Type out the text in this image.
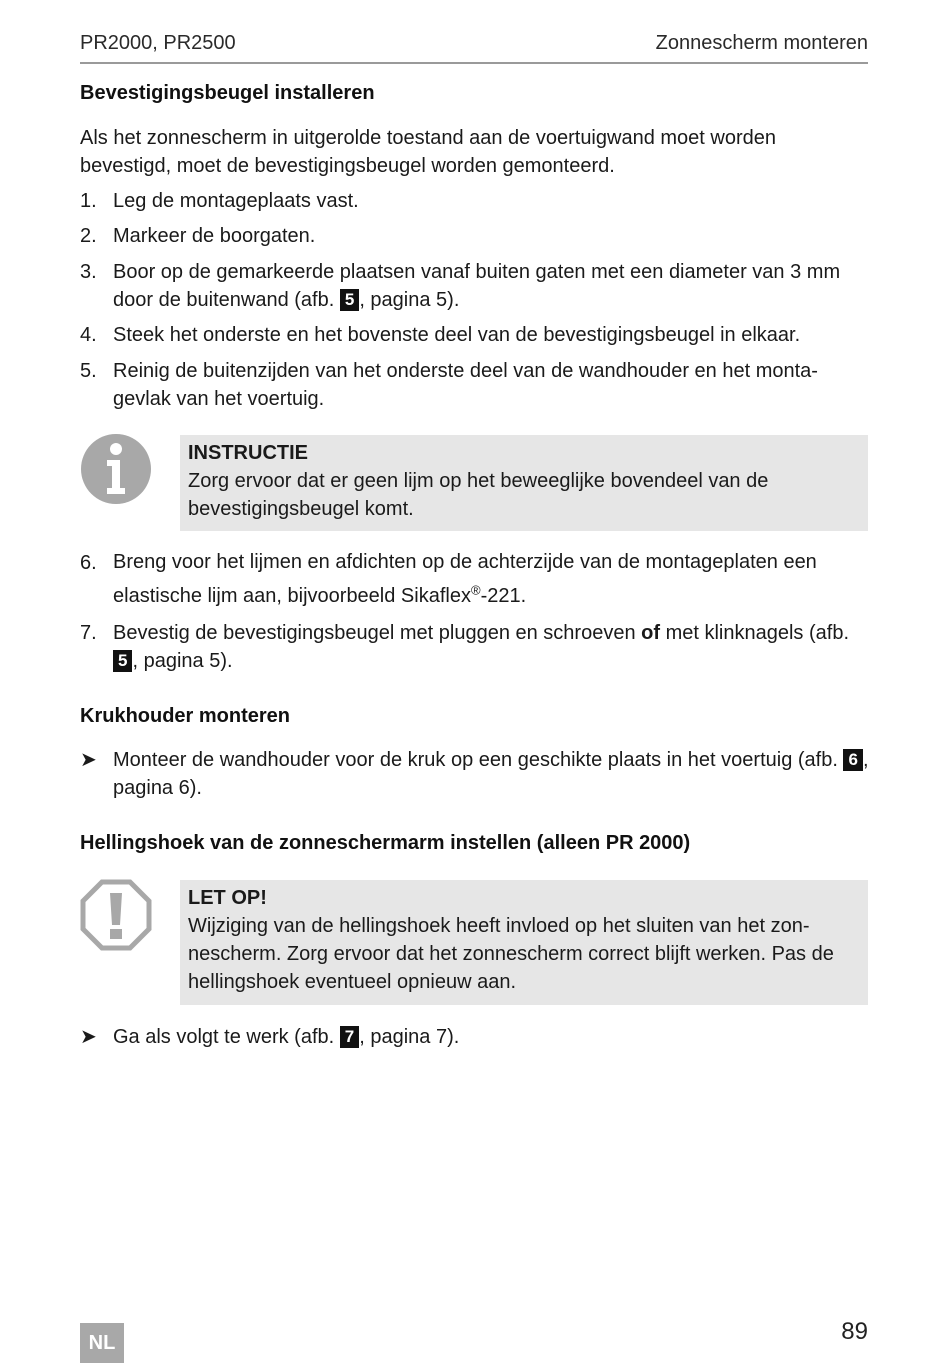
PR2000, PR2500	Zonnescherm monteren
Bevestigingsbeugel installeren
Als het zonnescherm in uitgerolde toestand aan de voertuigwand moet worden bevestigd, moet de bevestigingsbeugel worden gemonteerd.
1. Leg de montageplaats vast.
2. Markeer de boorgaten.
3. Boor op de gemarkeerde plaatsen vanaf buiten gaten met een diameter van 3 mm door de buitenwand (afb. 5 , pagina 5).
4. Steek het onderste en het bovenste deel van de bevestigingsbeugel in elkaar.
5. Reinig de buitenzijden van het onderste deel van de wandhouder en het montagevlak van het voertuig.
INSTRUCTIE
Zorg ervoor dat er geen lijm op het beweeglijke bovendeel van de bevestigingsbeugel komt.
6. Breng voor het lijmen en afdichten op de achterzijde van de montageplaten een elastische lijm aan, bijvoorbeeld Sikaflex®-221.
7. Bevestig de bevestigingsbeugel met pluggen en schroeven of met klinknagels (afb. 5 , pagina 5).
Krukhouder monteren
➤ Monteer de wandhouder voor de kruk op een geschikte plaats in het voertuig (afb. 6 , pagina 6).
Hellingshoek van de zonneschermarm instellen (alleen PR 2000)
LET OP!
Wijziging van de hellingshoek heeft invloed op het sluiten van het zonnescherm. Zorg ervoor dat het zonnescherm correct blijft werken. Pas de hellingshoek eventueel opnieuw aan.
➤ Ga als volgt te werk (afb. 7 , pagina 7).
NL	89
